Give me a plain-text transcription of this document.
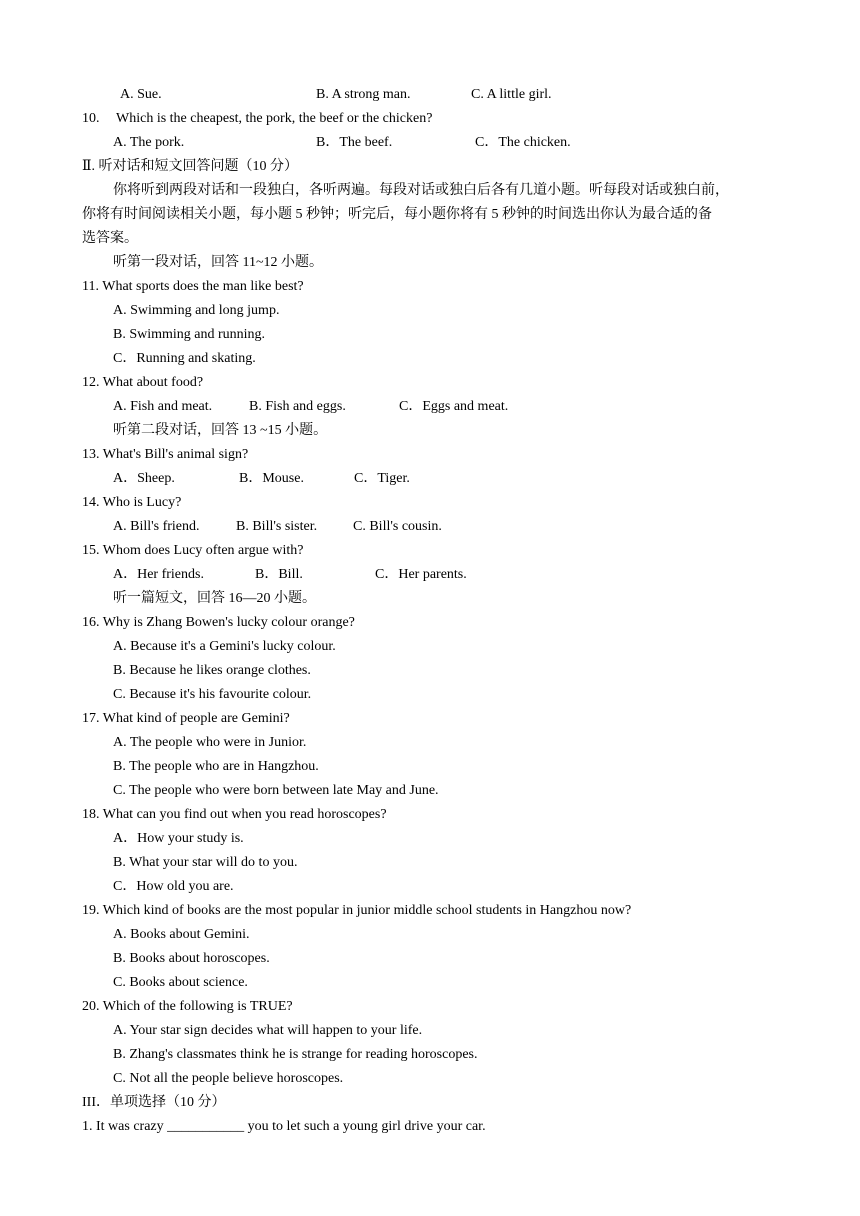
A. Sue.	B. A strong man.	C. A little girl.
10. Which is the cheapest, the pork, the beef or the chicken?
A. The pork.	B．The beef.	C．The chicken.
Ⅱ. 听对话和短文回答问题（10 分）
你将听到两段对话和一段独白，各听两遍。每段对话或独白后各有几道小题。听每段对话或独白前，
你将有时间阅读相关小题，每小题 5 秒钟；听完后，每小题你将有 5 秒钟的时间选出你认为最合适的备
选答案。
听第一段对话，回答 11~12 小题。
11. What sports does the man like best?
A. Swimming and long jump.
B. Swimming and running.
C．Running and skating.
12. What about food?
A. Fish and meat.	B. Fish and eggs.	C．Eggs and meat.
听第二段对话，回答 13 ~15 小题。
13. What's Bill's animal sign?
A．Sheep.	B．Mouse.	C．Tiger.
14. Who is Lucy?
A. Bill's friend.	B. Bill's sister.	C. Bill's cousin.
15. Whom does Lucy often argue with?
A．Her friends.	B．Bill.	C．Her parents.
听一篇短文，回答 16—20 小题。
16. Why is Zhang Bowen's lucky colour orange?
A. Because it's a Gemini's lucky colour.
B. Because he likes orange clothes.
C. Because it's his favourite colour.
17. What kind of people are Gemini?
A. The people who were in Junior.
B. The people who are in Hangzhou.
C. The people who were born between late May and June.
18. What can you find out when you read horoscopes?
A．How your study is.
B. What your star will do to you.
C．How old you are.
19. Which kind of books are the most popular in junior middle school students in Hangzhou now?
A. Books about Gemini.
B. Books about horoscopes.
C. Books about science.
20. Which of the following is TRUE?
A. Your star sign decides what will happen to your life.
B. Zhang's classmates think he is strange for reading horoscopes.
C. Not all the people believe horoscopes.
III．单项选择（10 分）
1. It was crazy ___________ you to let such a young girl drive your car.
